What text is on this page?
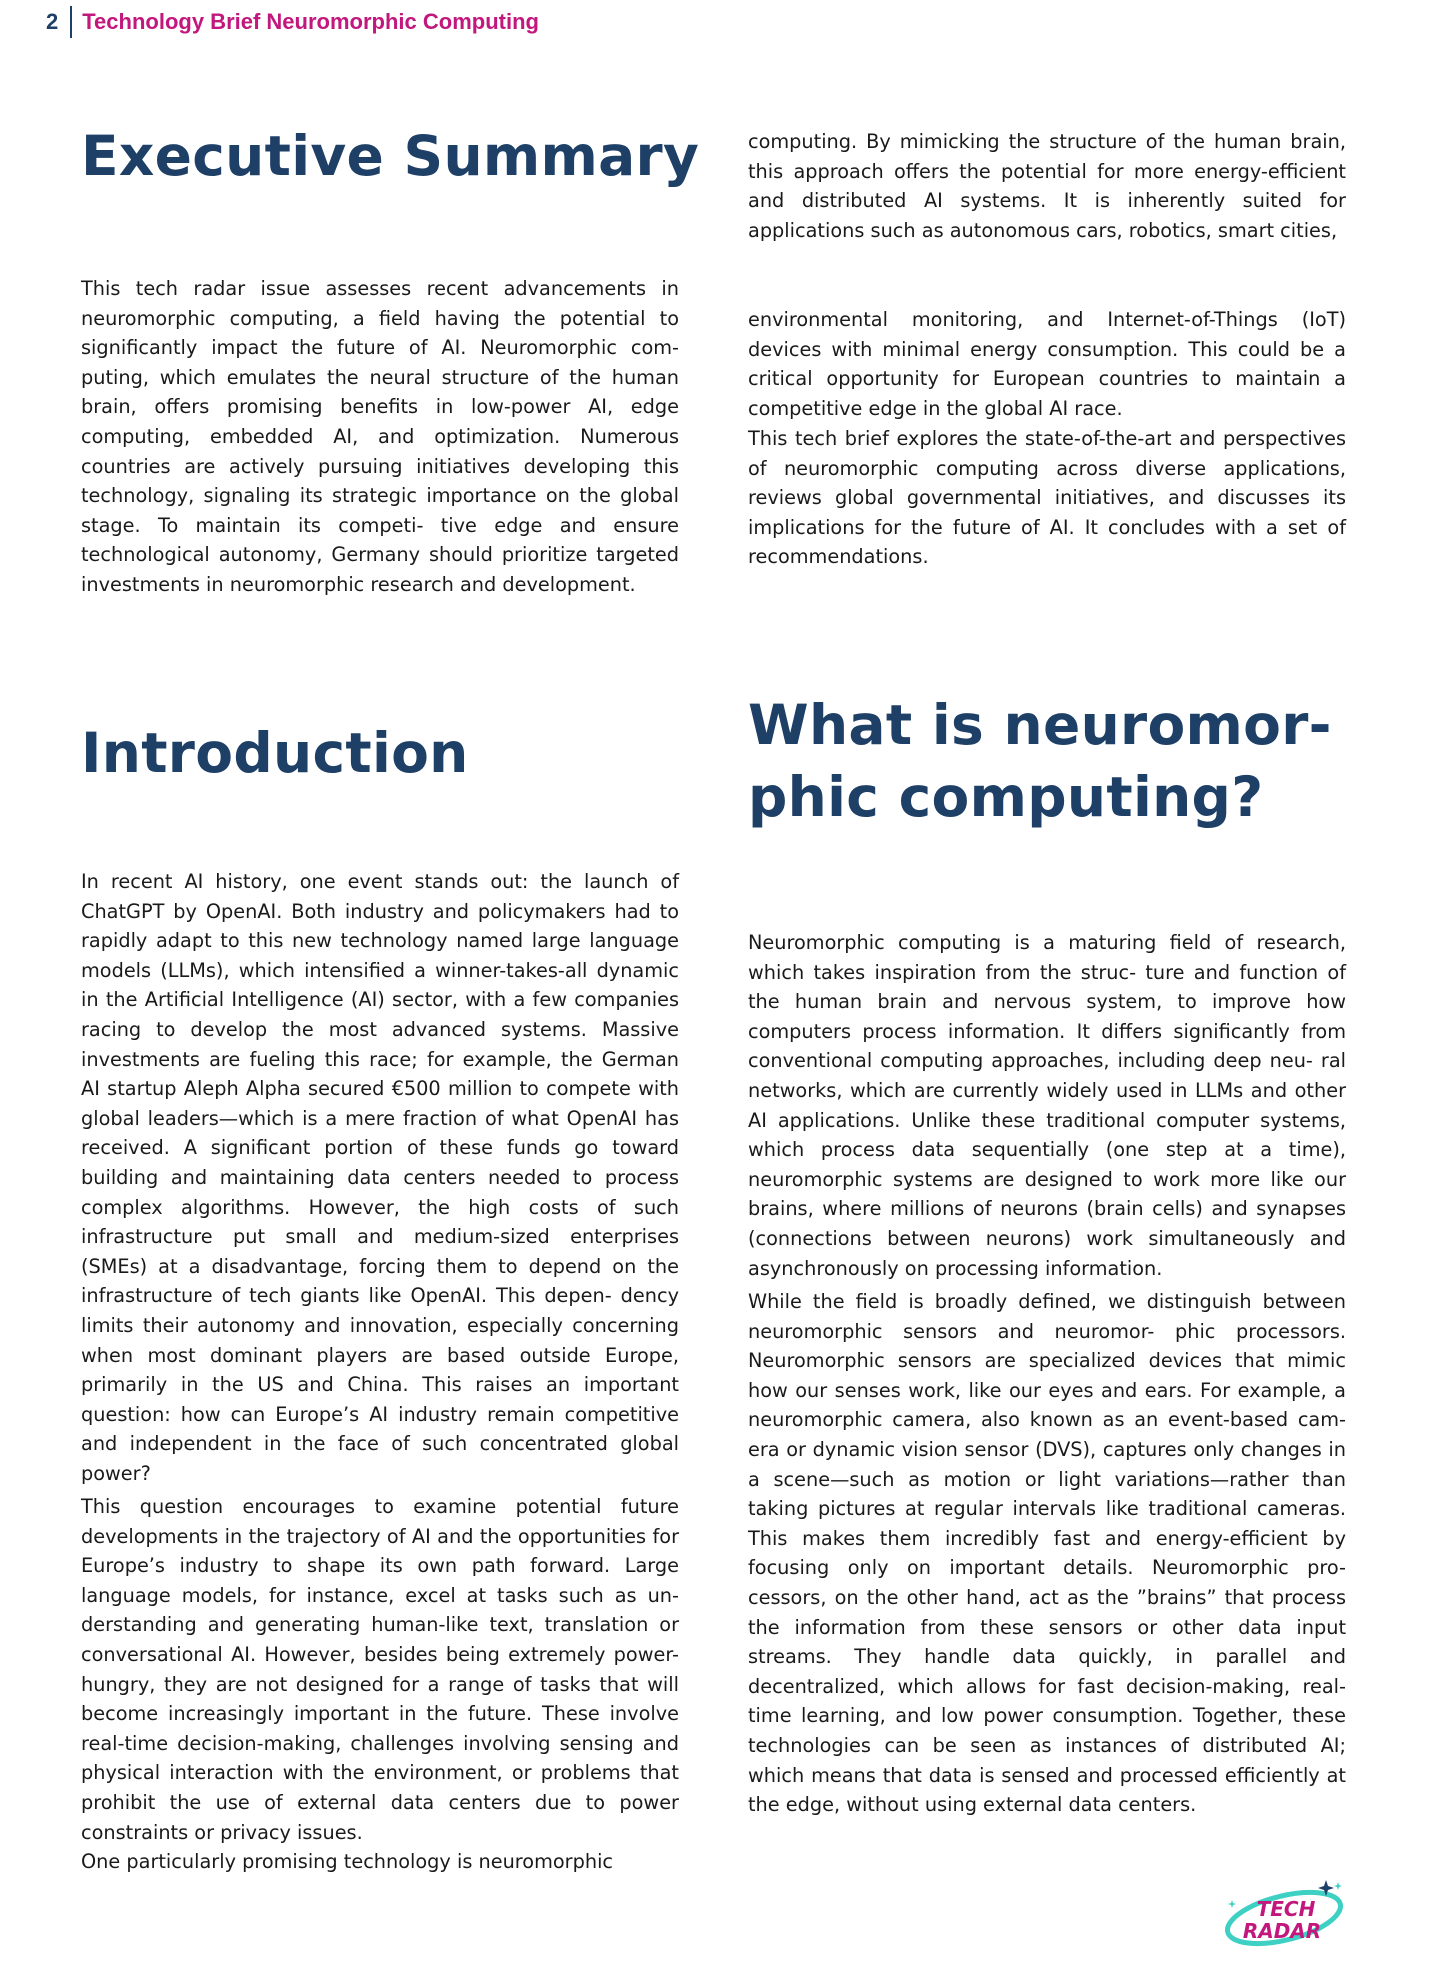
2 Technology Brief Neuromorphic Computing
Executive Summary

This tech radar issue assesses recent advancements in neuromorphic computing, a field having the potential to significantly impact the future of AI. Neuromorphic computing, which emulates the neural structure of the human brain, offers promising benefits in low-power AI, edge computing, embedded AI, and optimization. Numerous countries are actively pursuing initiatives developing this technology, signaling its strategic importance on the global stage. To maintain its competi- tive edge and ensure technological autonomy, Germany should prioritize targeted investments in neuromorphic research and development.

Introduction

In recent AI history, one event stands out: the launch of ChatGPT by OpenAI. Both industry and policymakers had to rapidly adapt to this new technology named large language models (LLMs), which intensified a winner-takes-all dynamic in the Artificial Intelligence (AI) sector, with a few companies racing to develop the most advanced systems. Massive investments are fueling this race; for example, the German AI startup Aleph Alpha secured €500 million to compete with global leaders—which is a mere fraction of what OpenAI has received. A significant portion of these funds go toward building and maintaining data centers needed to process complex algorithms. However, the high costs of such infrastructure put small and medium-sized enterprises (SMEs) at a disadvantage, forcing them to depend on the infrastructure of tech giants like OpenAI. This depen- dency limits their autonomy and innovation, especially concerning when most dominant players are based outside Europe, primarily in the US and China. This raises an important question: how can Europe’s AI industry remain competitive and independent in the face of such concentrated global power?

This question encourages to examine potential future developments in the trajectory of AI and the opportunities for Europe’s industry to shape its own path forward. Large language models, for instance, excel at tasks such as understanding and generating human-like text, translation or conversational AI. However, besides being extremely power-hungry, they are not designed for a range of tasks that will become increasingly important in the future. These involve real-time decision-making, challenges involving sensing and physical interaction with the environment, or problems that prohibit the use of external data centers due to power constraints or privacy issues.

One particularly promising technology is neuromorphic

computing. By mimicking the structure of the human brain, this approach offers the potential for more energy-efficient and distributed AI systems. It is inherently suited for applications such as autonomous cars, robotics, smart cities,

environmental monitoring, and Internet-of-Things (IoT) devices with minimal energy consumption. This could be a critical opportunity for European countries to maintain a competitive edge in the global AI race.

This tech brief explores the state-of-the-art and perspectives of neuromorphic computing across diverse applications, reviews global governmental initiatives, and discusses its implications for the future of AI. It concludes with a set of recommendations.

What is neuromorphic computing?

Neuromorphic computing is a maturing field of research, which takes inspiration from the struc- ture and function of the human brain and nervous system, to improve how computers process information. It differs significantly from conventional computing approaches, including deep neu- ral networks, which are currently widely used in LLMs and other AI applications. Unlike these traditional computer systems, which process data sequentially (one step at a time), neuromorphic systems are designed to work more like our brains, where millions of neurons (brain cells) and synapses (connections between neurons) work simultaneously and asynchronously on processing information.

While the field is broadly defined, we distinguish between neuromorphic sensors and neuromor- phic processors. Neuromorphic sensors are specialized devices that mimic how our senses work, like our eyes and ears. For example, a neuromorphic camera, also known as an event-based cam- era or dynamic vision sensor (DVS), captures only changes in a scene—such as motion or light variations—rather than taking pictures at regular intervals like traditional cameras. This makes them incredibly fast and energy-efficient by focusing only on important details. Neuromorphic pro- cessors, on the other hand, act as the ”brains” that process the information from these sensors or other data input streams. They handle data quickly, in parallel and decentralized, which allows for fast decision-making, real-time learning, and low power consumption. Together, these technologies can be seen as instances of distributed AI; which means that data is sensed and processed efficiently at the edge, without using external data centers.

TECH
RADAR
